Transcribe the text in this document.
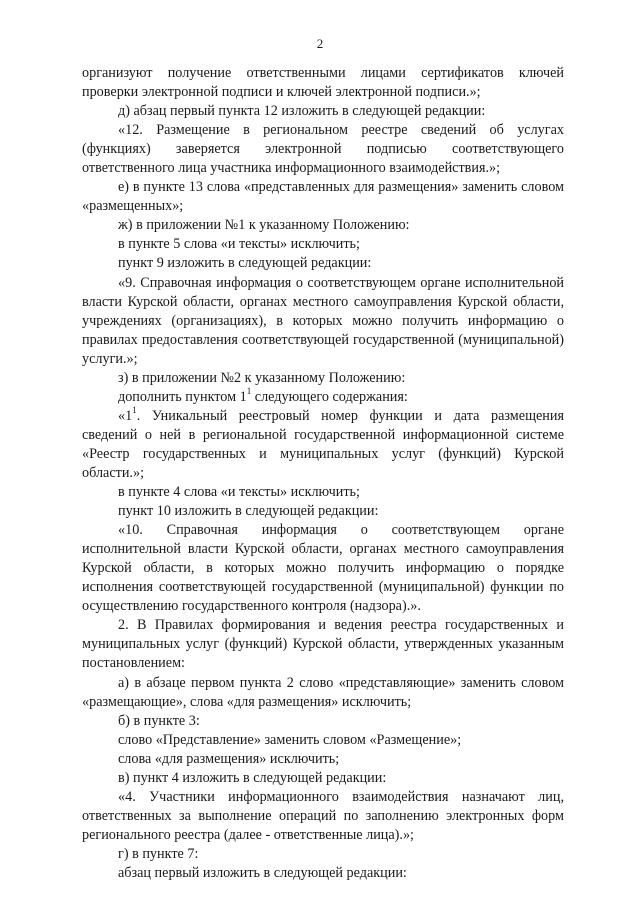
2

организуют получение ответственными лицами сертификатов ключей проверки электронной подписи и ключей электронной подписи.»;

д) абзац первый пункта 12 изложить в следующей редакции:

«12. Размещение в региональном реестре сведений об услугах (функциях) заверяется электронной подписью соответствующего ответственного лица участника информационного взаимодействия.»;

е) в пункте 13 слова «представленных для размещения» заменить словом «размещенных»;

ж) в приложении №1 к указанному Положению:

в пункте 5 слова «и тексты» исключить;

пункт 9 изложить в следующей редакции:

«9. Справочная информация о соответствующем органе исполнительной власти Курской области, органах местного самоуправления Курской области, учреждениях (организациях), в которых можно получить информацию о правилах предоставления соответствующей государственной (муниципальной) услуги.»;

з) в приложении №2 к указанному Положению:

дополнить пунктом $1^1$ следующего содержания:

«$1^1$. Уникальный реестровый номер функции и дата размещения сведений о ней в региональной государственной информационной системе «Реестр государственных и муниципальных услуг (функций) Курской области.»;

в пункте 4 слова «и тексты» исключить;

пункт 10 изложить в следующей редакции:

«10. Справочная информация о соответствующем органе исполнительной власти Курской области, органах местного самоуправления Курской области, в которых можно получить информацию о порядке исполнения соответствующей государственной (муниципальной) функции по осуществлению государственного контроля (надзора).».

2. В Правилах формирования и ведения реестра государственных и муниципальных услуг (функций) Курской области, утвержденных указанным постановлением:

а) в абзаце первом пункта 2 слово «представляющие» заменить словом «размещающие», слова «для размещения» исключить;

б) в пункте 3:

слово «Представление» заменить словом «Размещение»;

слова «для размещения» исключить;

в) пункт 4 изложить в следующей редакции:

«4. Участники информационного взаимодействия назначают лиц, ответственных за выполнение операций по заполнению электронных форм регионального реестра (далее - ответственные лица).»;

г) в пункте 7:

абзац первый изложить в следующей редакции:
